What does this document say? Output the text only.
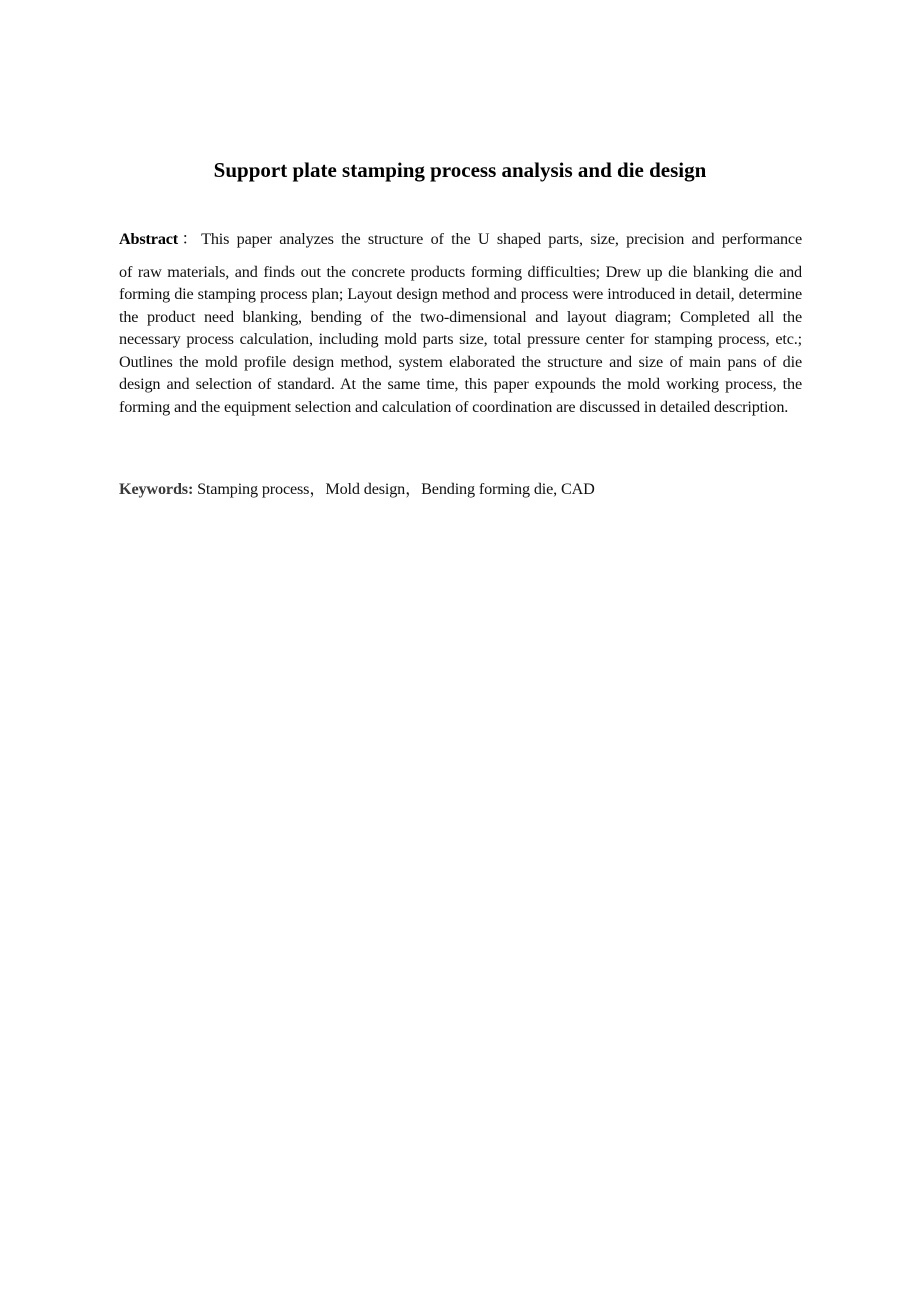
Support plate stamping process analysis and die design
Abstract：This paper analyzes the structure of the U shaped parts, size, precision and performance
of raw materials, and finds out the concrete products forming difficulties; Drew up die blanking die and forming die stamping process plan; Layout design method and process were introduced in detail, determine the product need blanking, bending of the two-dimensional and layout diagram; Completed all the necessary process calculation, including mold parts size, total pressure center for stamping process, etc.; Outlines the mold profile design method, system elaborated the structure and size of main pans of die design and selection of standard. At the same time, this paper expounds the mold working process, the forming and the equipment selection and calculation of coordination are discussed in detailed description.
Keywords: Stamping process，Mold design，Bending forming die, CAD
